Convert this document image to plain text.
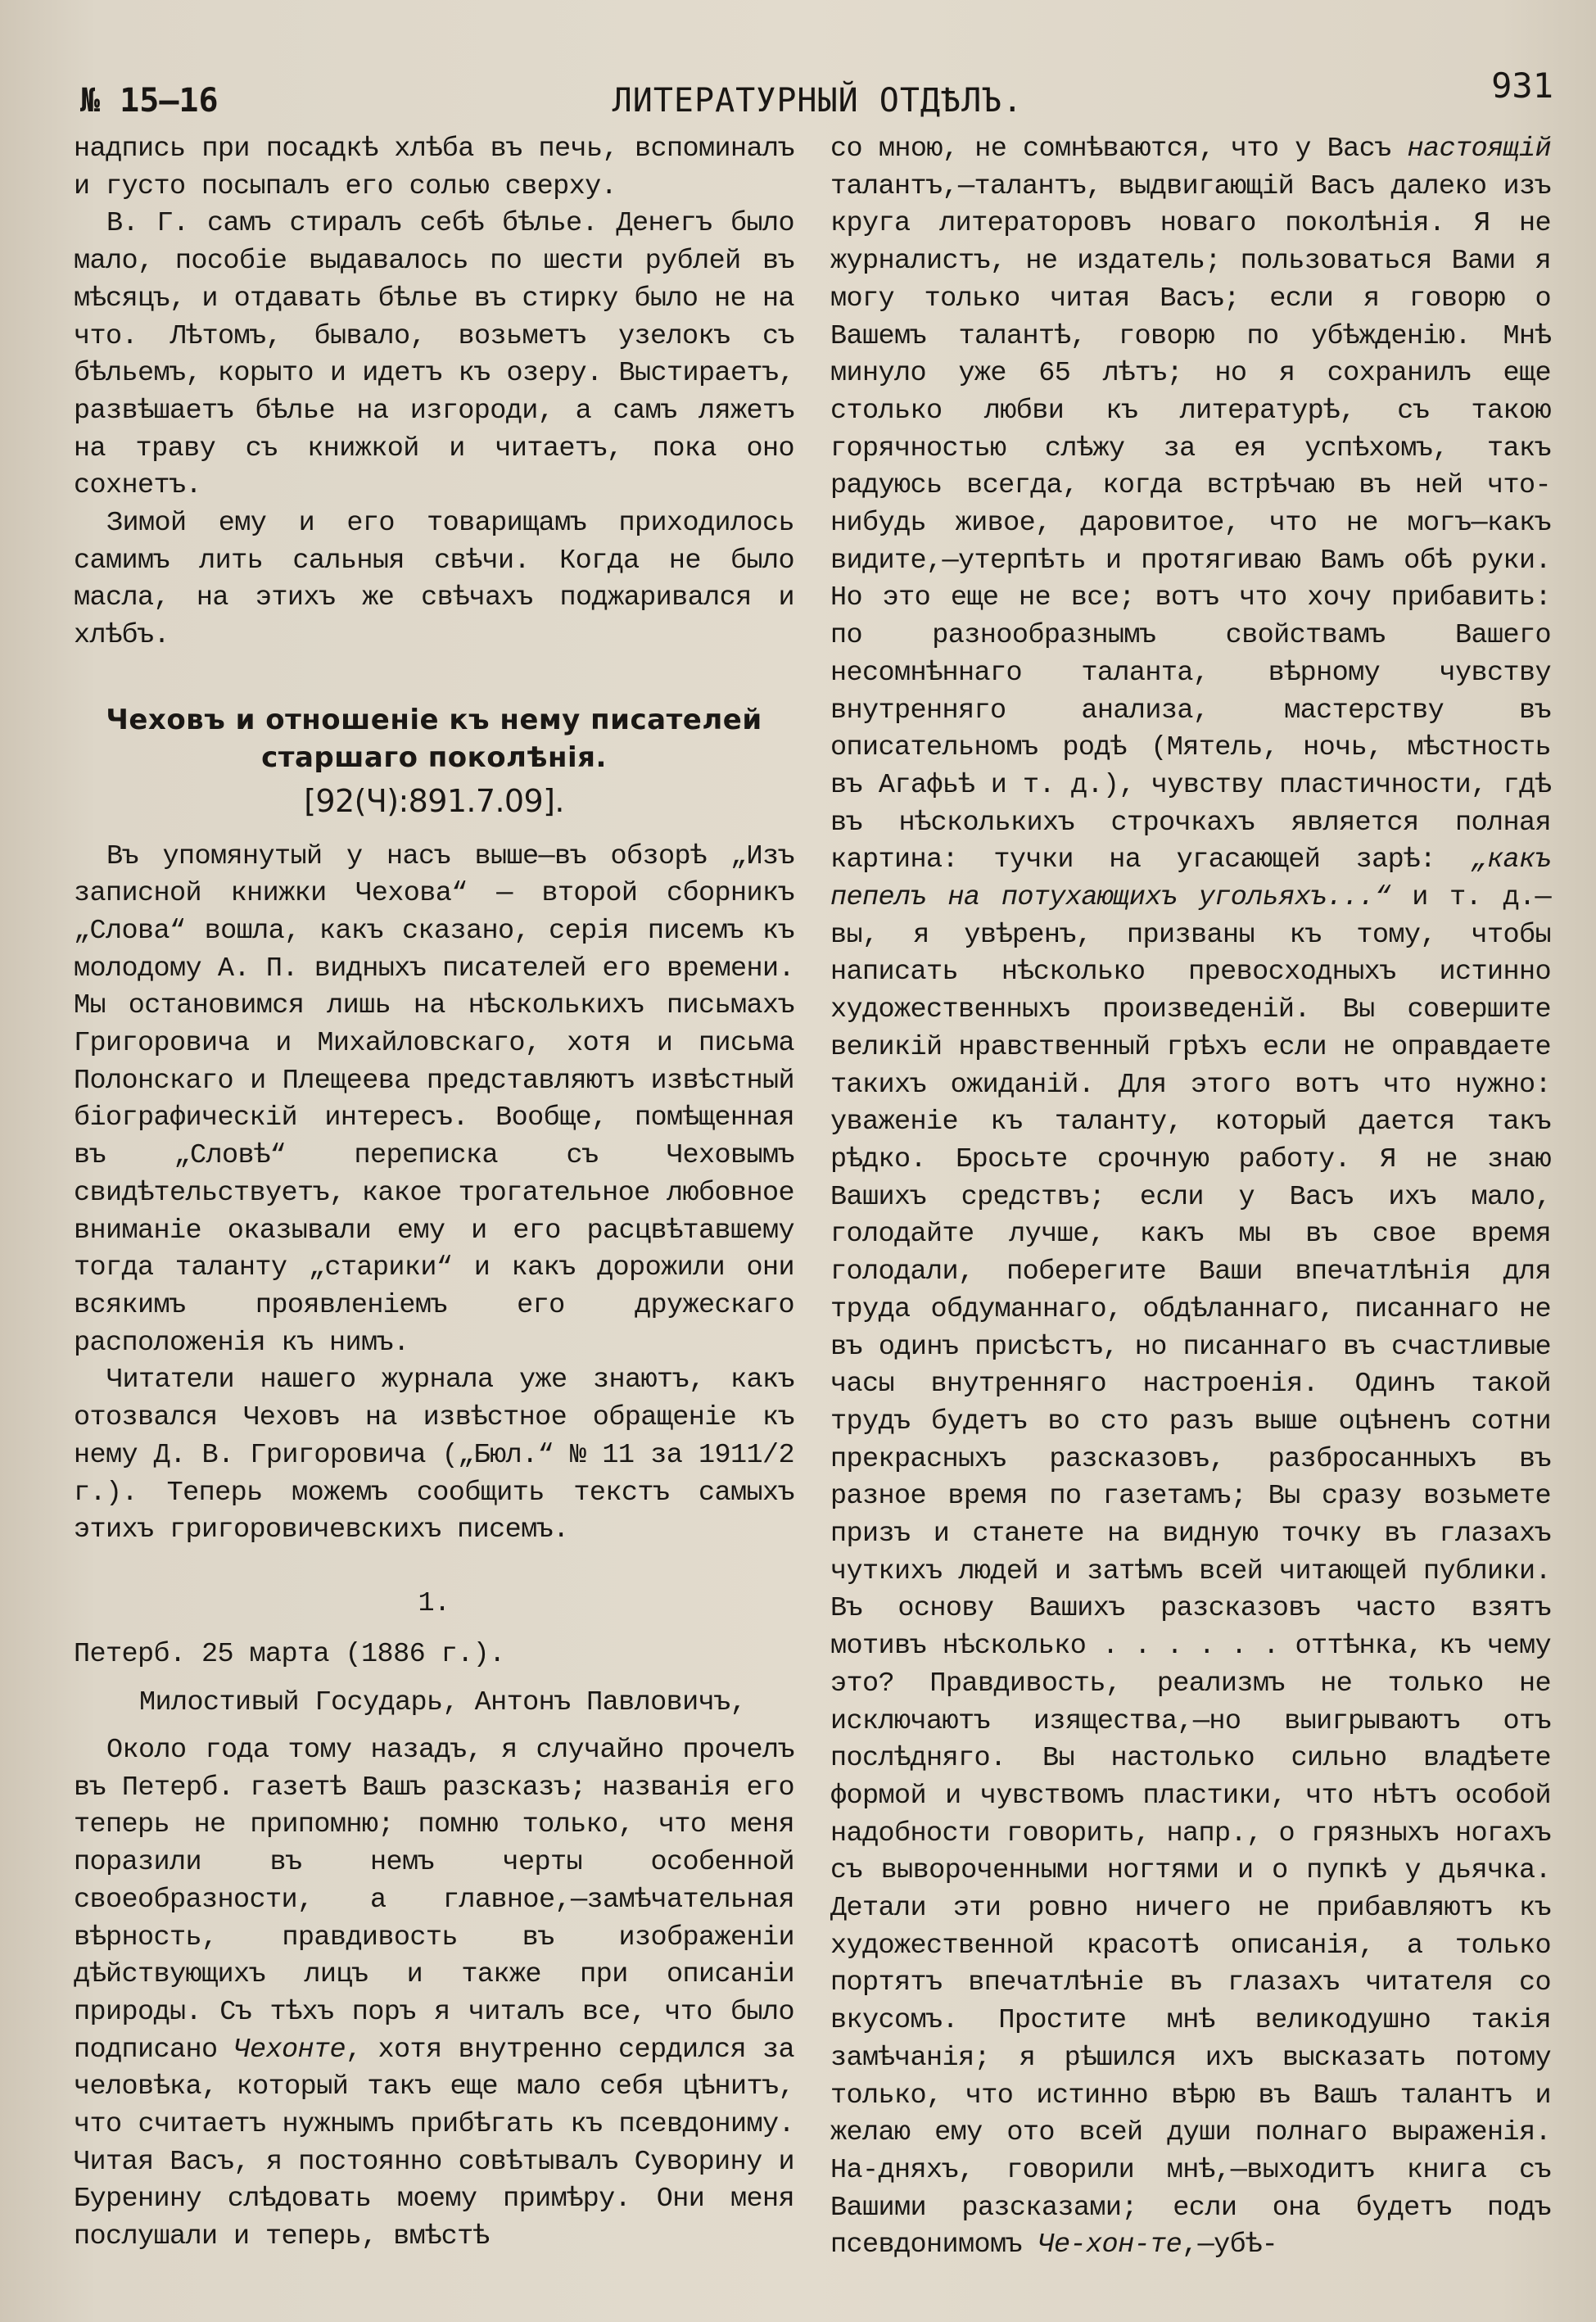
№ 15—16	ЛИТЕРАТУРНЫЙ ОТДѢЛЪ.	931

надпись при посадкѣ хлѣба въ печь, вспоминалъ и густо посыпалъ его солью сверху.

В. Г. самъ стиралъ себѣ бѣлье. Денегъ было мало, пособіе выдавалось по шести рублей въ мѣсяцъ, и отдавать бѣлье въ стирку было не на что. Лѣтомъ, бывало, возьметъ узелокъ съ бѣльемъ, корыто и идетъ къ озеру. Выстираетъ, развѣшаетъ бѣлье на изгороди, а самъ ляжетъ на траву съ книжкой и читаетъ, пока оно сохнетъ.

Зимой ему и его товарищамъ приходилось самимъ лить сальныя свѣчи. Когда не было масла, на этихъ же свѣчахъ поджаривался и хлѣбъ.

Чеховъ и отношеніе къ нему писателей старшаго поколѣнія.
[92(Ч):891.7.09].

Въ упомянутый у насъ выше—въ обзорѣ „Изъ записной книжки Чехова“ — второй сборникъ „Слова“ вошла, какъ сказано, серія писемъ къ молодому А. П. видныхъ писателей его времени. Мы остановимся лишь на нѣсколькихъ письмахъ Григоровича и Михайловскаго, хотя и письма Полонскаго и Плещеева представляютъ извѣстный біографическій интересъ. Вообще, помѣщенная въ „Словѣ“ переписка съ Чеховымъ свидѣтельствуетъ, какое трогательное любовное вниманіе оказывали ему и его расцвѣтавшему тогда таланту „старики“ и какъ дорожили они всякимъ проявленіемъ его дружескаго расположенія къ нимъ.

Читатели нашего журнала уже знаютъ, какъ отозвался Чеховъ на извѣстное обращеніе къ нему Д. В. Григоровича („Бюл.“ № 11 за 1911/2 г.). Теперь можемъ сообщить текстъ самыхъ этихъ григоровичевскихъ писемъ.

1.

Петерб. 25 марта (1886 г.).

Милостивый Государь, Антонъ Павловичъ,

Около года тому назадъ, я случайно прочелъ въ Петерб. газетѣ Вашъ разсказъ; названія его теперь не припомню; помню только, что меня поразили въ немъ черты особенной своеобразности, а главное,—замѣчательная вѣрность, правдивость въ изображеніи дѣйствующихъ лицъ и также при описаніи природы. Съ тѣхъ поръ я читалъ все, что было подписано Чехонте, хотя внутренно сердился за человѣка, который такъ еще мало себя цѣнитъ, что считаетъ нужнымъ прибѣгать къ псевдониму. Читая Васъ, я постоянно совѣтывалъ Суворину и Буренину слѣдовать моему примѣру. Они меня послушали и теперь, вмѣстѣ

со мною, не сомнѣваются, что у Васъ настоящій талантъ,—талантъ, выдвигающій Васъ далеко изъ круга литераторовъ новаго поколѣнія. Я не журналистъ, не издатель; пользоваться Вами я могу только читая Васъ; если я говорю о Вашемъ талантѣ, говорю по убѣжденію. Мнѣ минуло уже 65 лѣтъ; но я сохранилъ еще столько любви къ литературѣ, съ такою горячностью слѣжу за ея успѣхомъ, такъ радуюсь всегда, когда встрѣчаю въ ней что-нибудь живое, даровитое, что не могъ—какъ видите,—утерпѣть и протягиваю Вамъ обѣ руки. Но это еще не все; вотъ что хочу прибавить: по разнообразнымъ свойствамъ Вашего несомнѣннаго таланта, вѣрному чувству внутренняго анализа, мастерству въ описательномъ родѣ (Мятель, ночь, мѣстность въ Агафьѣ и т. д.), чувству пластичности, гдѣ въ нѣсколькихъ строчкахъ является полная картина: тучки на угасающей зарѣ: „какъ пепелъ на потухающихъ угольяхъ...“ и т. д.—вы, я увѣренъ, призваны къ тому, чтобы написать нѣсколько превосходныхъ истинно художественныхъ произведеній. Вы совершите великій нравственный грѣхъ если не оправдаете такихъ ожиданій. Для этого вотъ что нужно: уваженіе къ таланту, который дается такъ рѣдко. Бросьте срочную работу. Я не знаю Вашихъ средствъ; если у Васъ ихъ мало, голодайте лучше, какъ мы въ свое время голодали, поберегите Ваши впечатлѣнія для труда обдуманнаго, обдѣланнаго, писаннаго не въ одинъ присѣстъ, но писаннаго въ счастливые часы внутренняго настроенія. Одинъ такой трудъ будетъ во сто разъ выше оцѣненъ сотни прекрасныхъ разсказовъ, разбросанныхъ въ разное время по газетамъ; Вы сразу возьмете призъ и станете на видную точку въ глазахъ чуткихъ людей и затѣмъ всей читающей публики. Въ основу Вашихъ разсказовъ часто взятъ мотивъ нѣсколько . . . . . . оттѣнка, къ чему это? Правдивость, реализмъ не только не исключаютъ изящества,—но выигрываютъ отъ послѣдняго. Вы настолько сильно владѣете формой и чувствомъ пластики, что нѣтъ особой надобности говорить, напр., о грязныхъ ногахъ съ вывороченными ногтями и о пупкѣ у дьячка. Детали эти ровно ничего не прибавляютъ къ художественной красотѣ описанія, а только портятъ впечатлѣніе въ глазахъ читателя со вкусомъ. Простите мнѣ великодушно такія замѣчанія; я рѣшился ихъ высказать потому только, что истинно вѣрю въ Вашъ талантъ и желаю ему ото всей души полнаго выраженія. На-дняхъ, говорили мнѣ,—выходитъ книга съ Вашими разсказами; если она будетъ подъ псевдонимомъ Че-хон-те,—убѣ-
